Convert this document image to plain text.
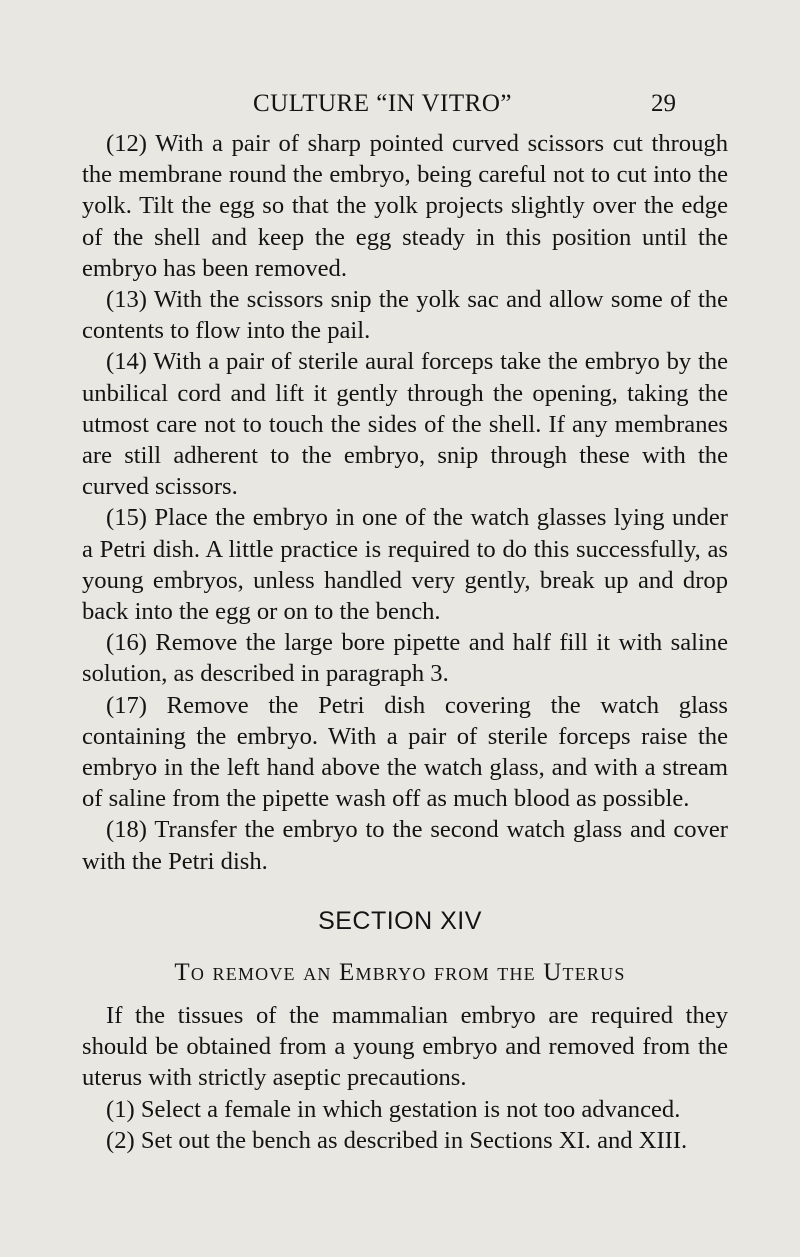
CULTURE “IN VITRO”	29

(12) With a pair of sharp pointed curved scissors cut through the membrane round the embryo, being careful not to cut into the yolk. Tilt the egg so that the yolk projects slightly over the edge of the shell and keep the egg steady in this position until the embryo has been removed.

(13) With the scissors snip the yolk sac and allow some of the contents to flow into the pail.

(14) With a pair of sterile aural forceps take the embryo by the unbilical cord and lift it gently through the opening, taking the utmost care not to touch the sides of the shell. If any membranes are still adherent to the embryo, snip through these with the curved scissors.

(15) Place the embryo in one of the watch glasses lying under a Petri dish. A little practice is required to do this successfully, as young embryos, unless handled very gently, break up and drop back into the egg or on to the bench.

(16) Remove the large bore pipette and half fill it with saline solution, as described in paragraph 3.

(17) Remove the Petri dish covering the watch glass containing the embryo. With a pair of sterile forceps raise the embryo in the left hand above the watch glass, and with a stream of saline from the pipette wash off as much blood as possible.

(18) Transfer the embryo to the second watch glass and cover with the Petri dish.

SECTION XIV
To remove an Embryo from the Uterus

If the tissues of the mammalian embryo are required they should be obtained from a young embryo and removed from the uterus with strictly aseptic precautions.

(1) Select a female in which gestation is not too advanced.

(2) Set out the bench as described in Sections XI. and XIII.
